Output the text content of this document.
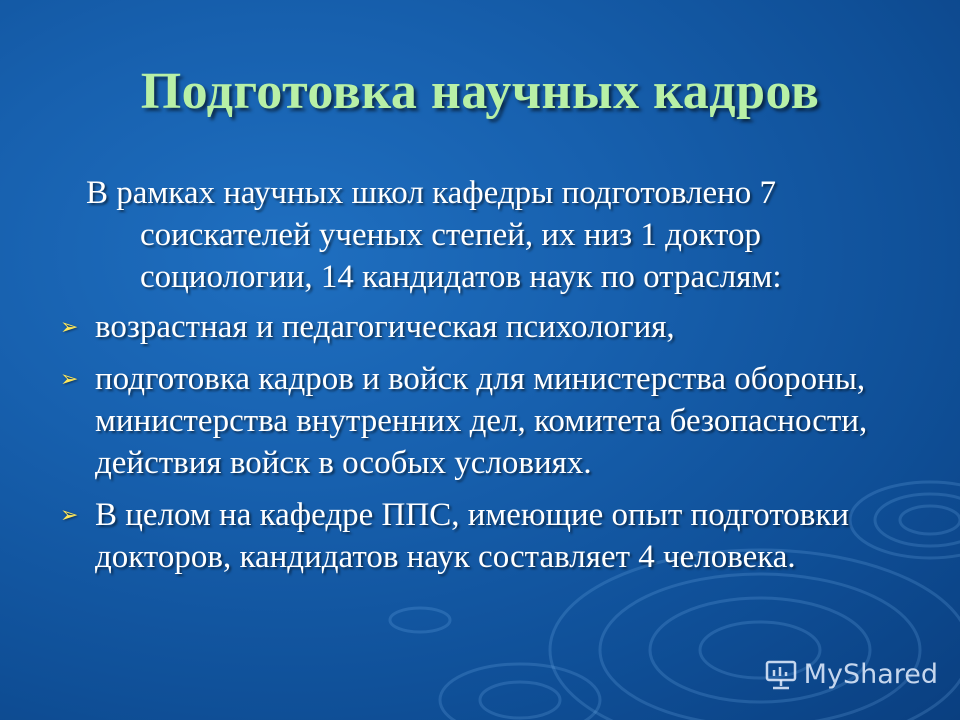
Подготовка научных кадров
В рамках научных школ кафедры подготовлено 7 соискателей ученых степей, их низ 1 доктор социологии, 14 кандидатов наук по отраслям:
➢ возрастная и педагогическая психология,
➢ подготовка кадров и войск для министерства обороны, министерства внутренних дел, комитета безопасности, действия войск в особых условиях.
➢ В целом на кафедре ППС, имеющие опыт подготовки докторов, кандидатов наук составляет 4 человека.
MyShared
